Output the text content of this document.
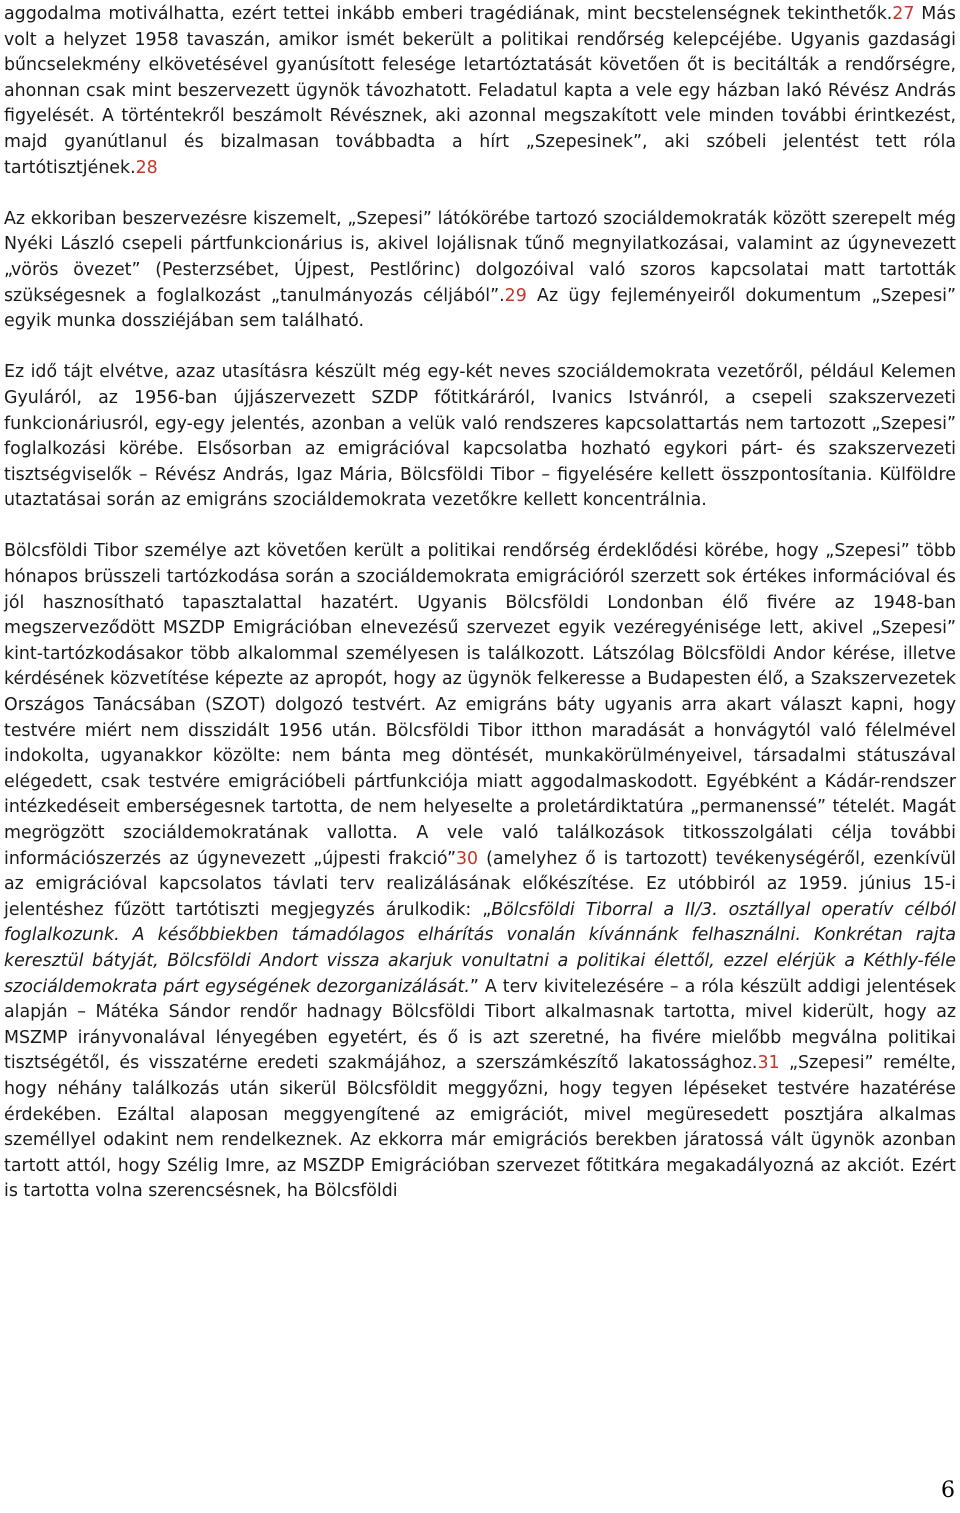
aggodalma motiválhatta, ezért tettei inkább emberi tragédiának, mint becstelenségnek tekinthetők.27 Más volt a helyzet 1958 tavaszán, amikor ismét bekerült a politikai rendőrség kelepcéjébe. Ugyanis gazdasági bűncselekmény elkövetésével gyanúsított felesége letartóztatását követően őt is becitálták a rendőrségre, ahonnan csak mint beszervezett ügynök távozhatott. Feladatul kapta a vele egy házban lakó Révész András figyelését. A történtekről beszámolt Révésznek, aki azonnal megszakított vele minden további érintkezést, majd gyanútlanul és bizalmasan továbbadta a hírt „Szepesinek”, aki szóbeli jelentést tett róla tartótisztjének.28

Az ekkoriban beszervezésre kiszemelt, „Szepesi” látókörébe tartozó szociáldemokraták között szerepelt még Nyéki László csepeli pártfunkcionárius is, akivel lojálisnak tűnő megnyilatkozásai, valamint az úgynevezett „vörös övezet” (Pesterzsébet, Újpest, Pestlőrinc) dolgozóival való szoros kapcsolatai matt tartották szükségesnek a foglalkozást „tanulmányozás céljából”.29 Az ügy fejleményeiről dokumentum „Szepesi” egyik munka dossziéjában sem található.

Ez idő tájt elvétve, azaz utasításra készült még egy-két neves szociáldemokrata vezetőről, például Kelemen Gyuláról, az 1956-ban újjászervezett SZDP főtitkáráról, Ivanics Istvánról, a csepeli szakszervezeti funkcionáriusról, egy-egy jelentés, azonban a velük való rendszeres kapcsolattartás nem tartozott „Szepesi” foglalkozási körébe. Elsősorban az emigrációval kapcsolatba hozható egykori párt- és szakszervezeti tisztségviselők – Révész András, Igaz Mária, Bölcsföldi Tibor – figyelésére kellett összpontosítania. Külföldre utaztatásai során az emigráns szociáldemokrata vezetőkre kellett koncentrálnia.

Bölcsföldi Tibor személye azt követően került a politikai rendőrség érdeklődési körébe, hogy „Szepesi” több hónapos brüsszeli tartózkodása során a szociáldemokrata emigrációról szerzett sok értékes információval és jól hasznosítható tapasztalattal hazatért. Ugyanis Bölcsföldi Londonban élő fivére az 1948-ban megszerveződött MSZDP Emigrációban elnevezésű szervezet egyik vezéregyénisége lett, akivel „Szepesi” kint-tartózkodásakor több alkalommal személyesen is találkozott. Látszólag Bölcsföldi Andor kérése, illetve kérdésének közvetítése képezte az apropót, hogy az ügynök felkeresse a Budapesten élő, a Szakszervezetek Országos Tanácsában (SZOT) dolgozó testvért. Az emigráns báty ugyanis arra akart választ kapni, hogy testvére miért nem disszidált 1956 után. Bölcsföldi Tibor itthon maradását a honvágytól való félelmével indokolta, ugyanakkor közölte: nem bánta meg döntését, munkakörülményeivel, társadalmi státuszával elégedett, csak testvére emigrációbeli pártfunkciója miatt aggodalmaskodott. Egyébként a Kádár-rendszer intézkedéseit emberségesnek tartotta, de nem helyeselte a proletárdiktatúra „permanenssé” tételét. Magát megrögzött szociáldemokratának vallotta. A vele való találkozások titkosszolgálati célja további információszerzés az úgynevezett „újpesti frakció”30 (amelyhez ő is tartozott) tevékenységéről, ezenkívül az emigrációval kapcsolatos távlati terv realizálásának előkészítése. Ez utóbbiról az 1959. június 15-i jelentéshez fűzött tartótiszti megjegyzés árulkodik: „Bölcsföldi Tiborral a II/3. osztállyal operatív célból foglalkozunk. A későbbiekben támadólagos elhárítás vonalán kívánnánk felhasználni. Konkrétan rajta keresztül bátyját, Bölcsföldi Andort vissza akarjuk vonultatni a politikai élettől, ezzel elérjük a Kéthly-féle szociáldemokrata párt egységének dezorganizálását.” A terv kivitelezésére – a róla készült addigi jelentések alapján – Mátéka Sándor rendőr hadnagy Bölcsföldi Tibort alkalmasnak tartotta, mivel kiderült, hogy az MSZMP irányvonalával lényegében egyetért, és ő is azt szeretné, ha fivére mielőbb megválna politikai tisztségétől, és visszatérne eredeti szakmájához, a szerszámkészítő lakatossághoz.31 „Szepesi” remélte, hogy néhány találkozás után sikerül Bölcsföldit meggyőzni, hogy tegyen lépéseket testvére hazatérése érdekében. Ezáltal alaposan meggyengítené az emigrációt, mivel megüresedett posztjára alkalmas személlyel odakint nem rendelkeznek. Az ekkorra már emigrációs berekben járatossá vált ügynök azonban tartott attól, hogy Szélig Imre, az MSZDP Emigrációban szervezet főtitkára megakadályozná az akciót. Ezért is tartotta volna szerencsésnek, ha Bölcsföldi

6
